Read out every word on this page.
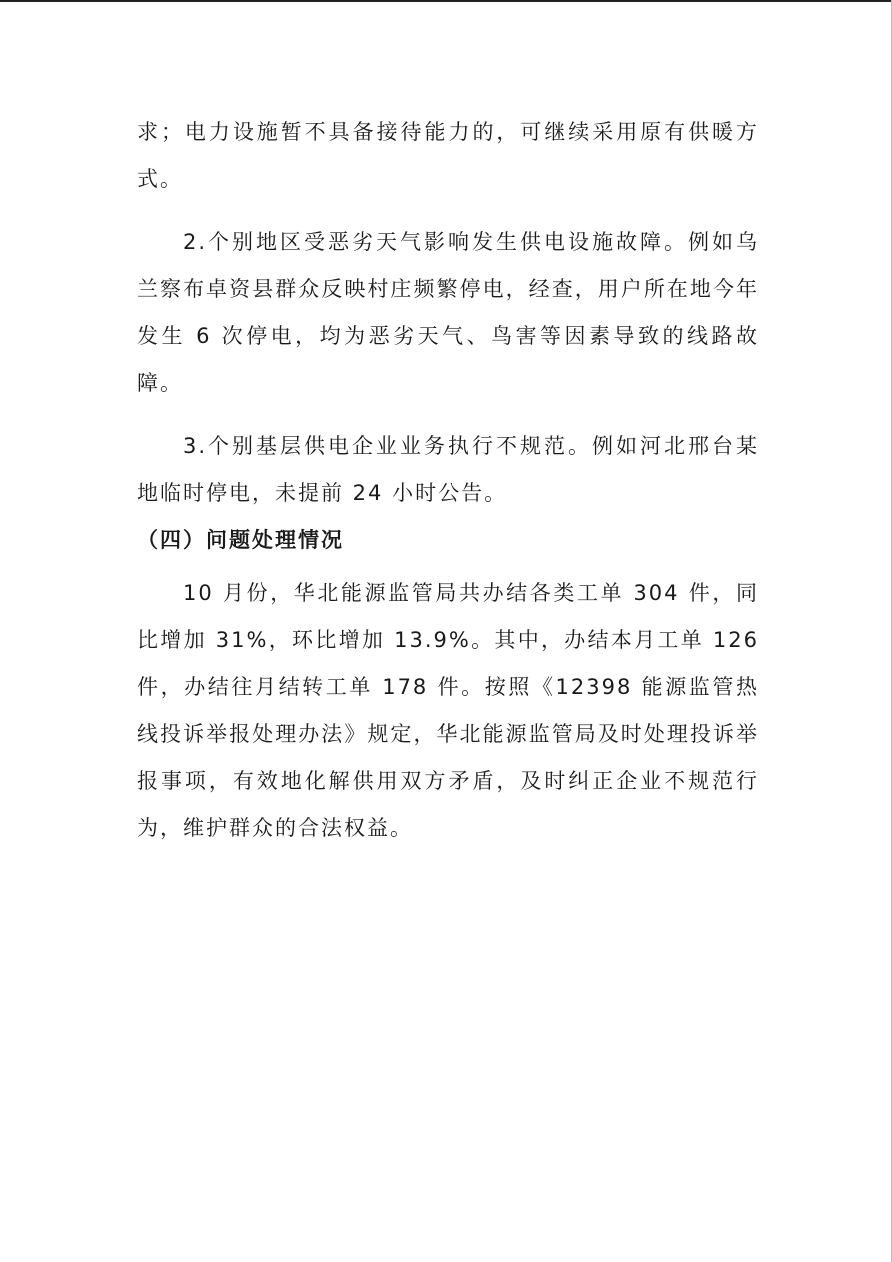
求；电力设施暂不具备接待能力的，可继续采用原有供暖方式。

2.个别地区受恶劣天气影响发生供电设施故障。例如乌兰察布卓资县群众反映村庄频繁停电，经查，用户所在地今年发生 6 次停电，均为恶劣天气、鸟害等因素导致的线路故障。

3.个别基层供电企业业务执行不规范。例如河北邢台某地临时停电，未提前 24 小时公告。

（四）问题处理情况

10 月份，华北能源监管局共办结各类工单 304 件，同比增加 31%，环比增加 13.9%。其中，办结本月工单 126 件，办结往月结转工单 178 件。按照《12398 能源监管热线投诉举报处理办法》规定，华北能源监管局及时处理投诉举报事项，有效地化解供用双方矛盾，及时纠正企业不规范行为，维护群众的合法权益。
